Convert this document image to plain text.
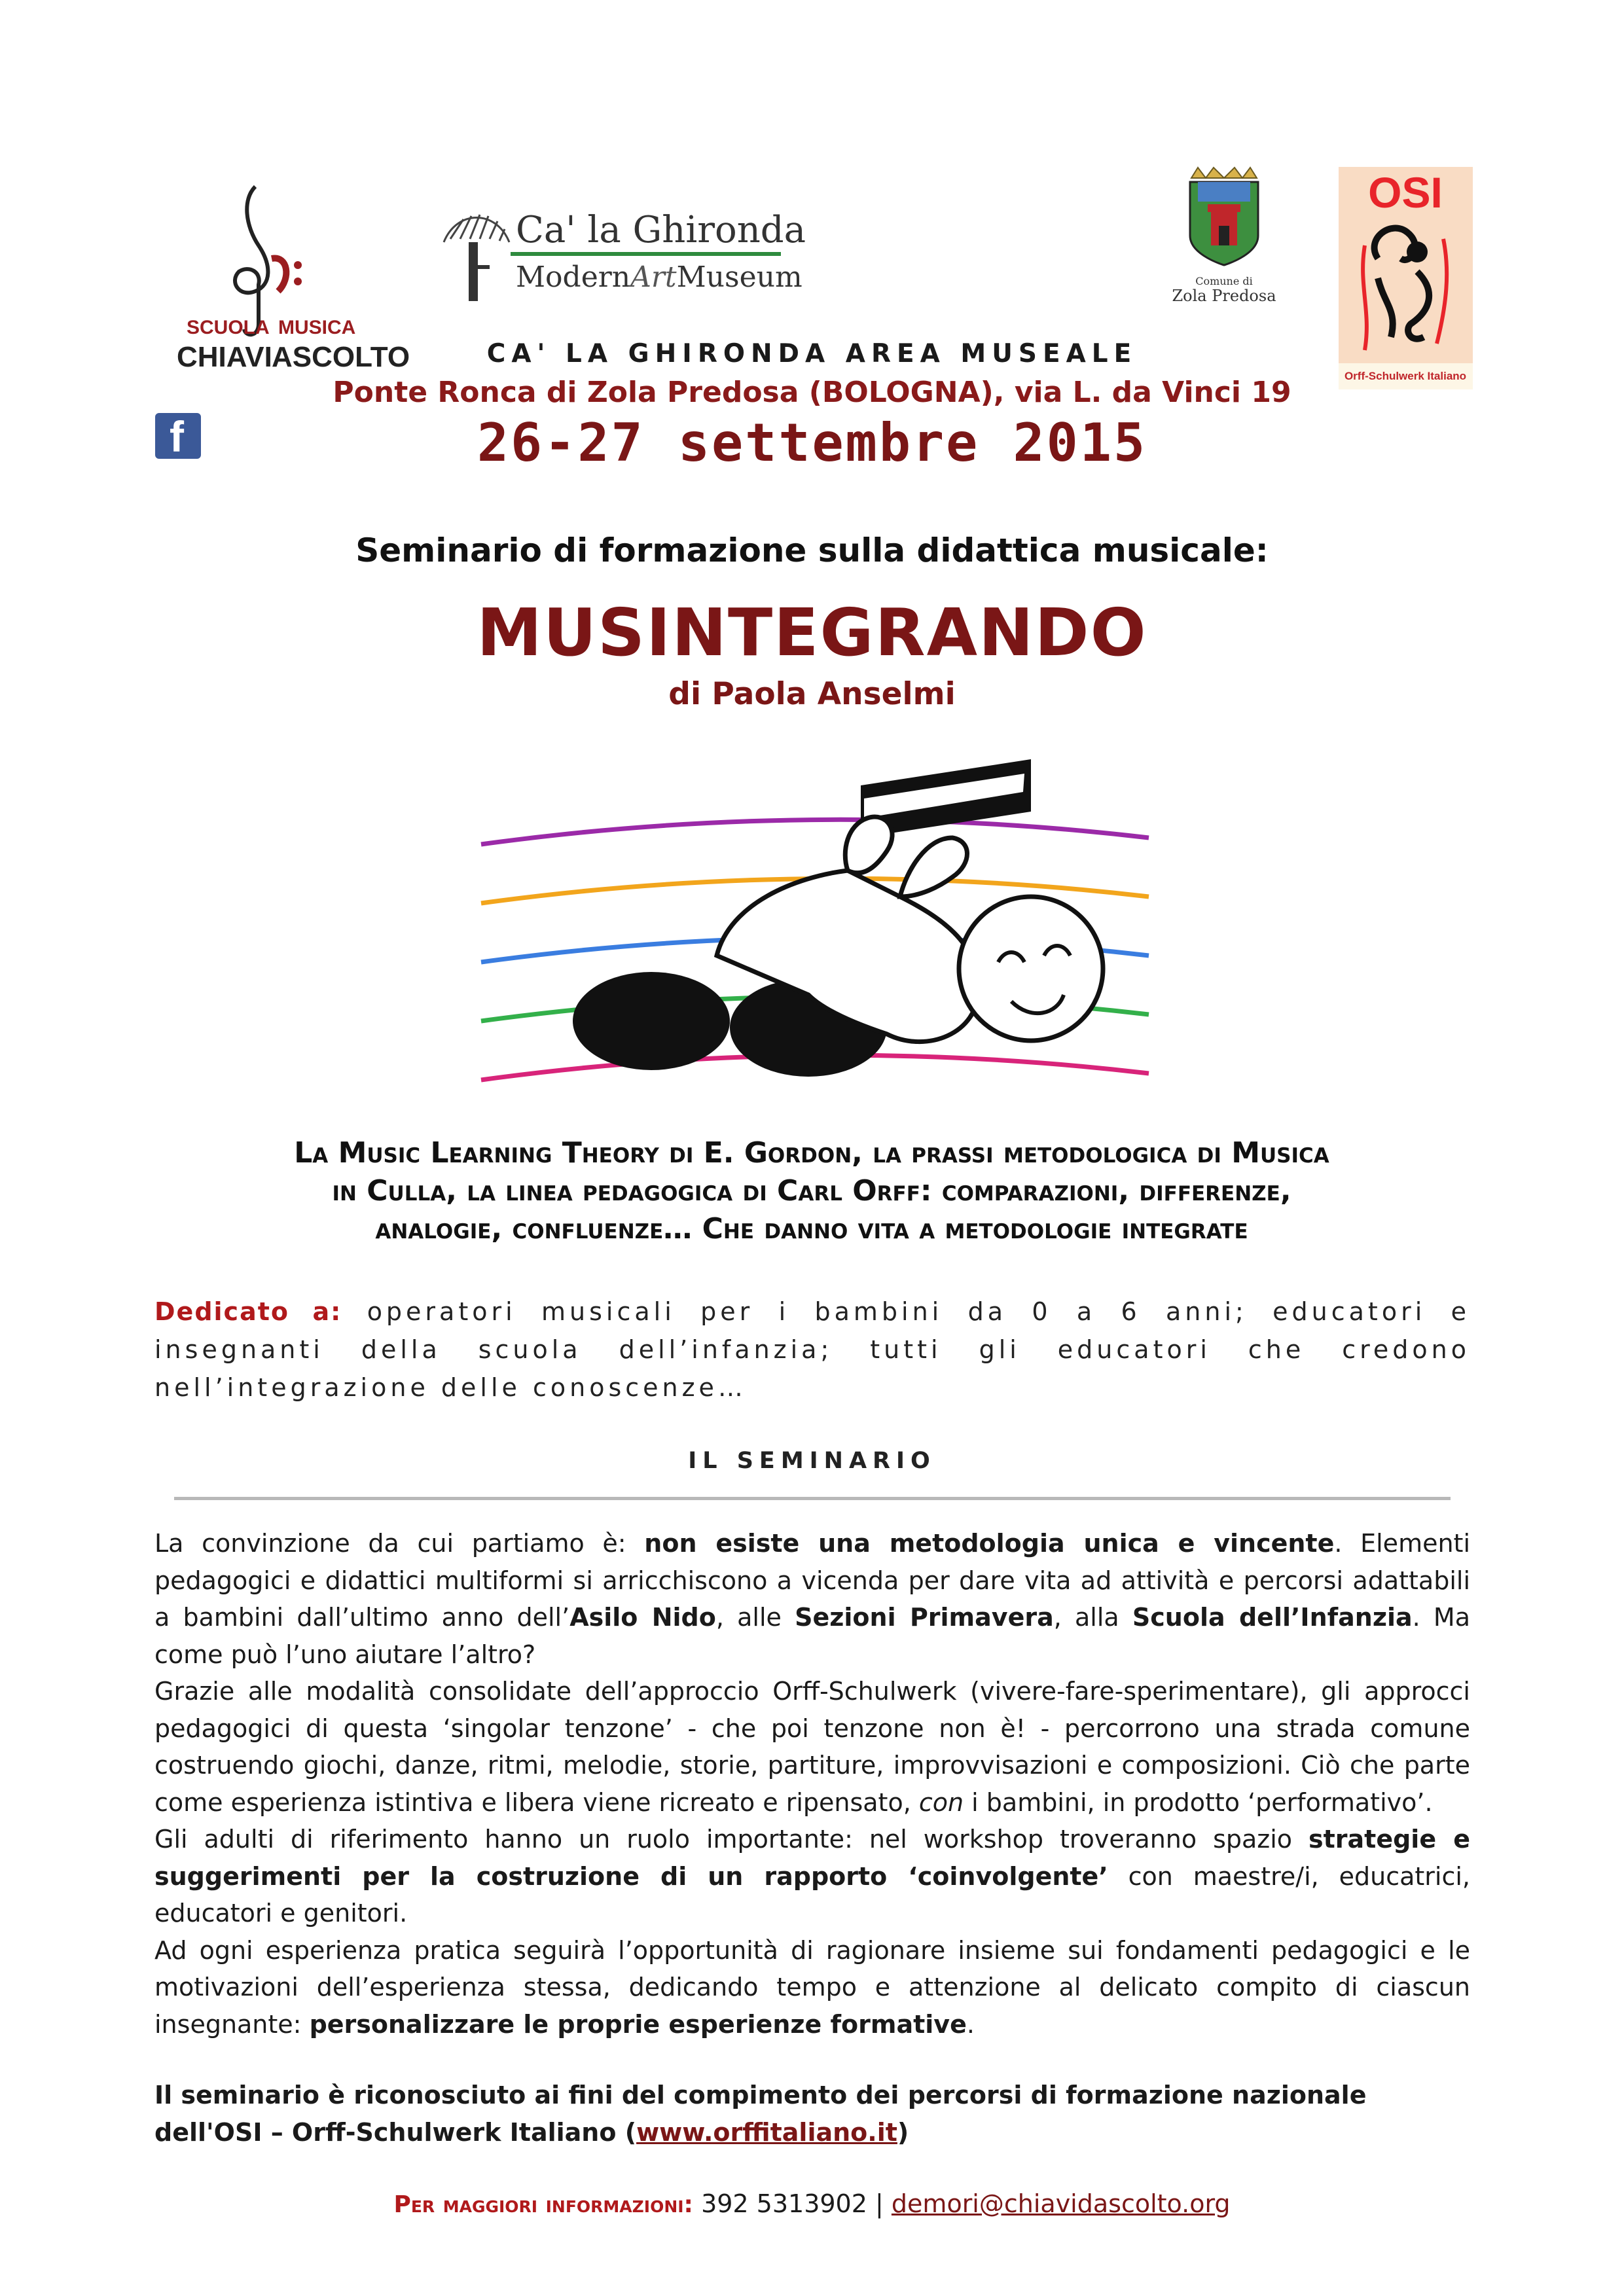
SCUOLA MUSICA
CHIAVI ASCOLTO
Ca' la Ghironda
ModernArtMuseum	Comune di
Zola Predosa
OSI
Orff-Schulwerk Italiano
f
CA' LA GHIRONDA AREA MUSEALE
Ponte Ronca di Zola Predosa (BOLOGNA), via L. da Vinci 19
26-27 settembre 2015
Seminario di formazione sulla didattica musicale:
MUSINTEGRANDO
di Paola Anselmi
La Music Learning Theory di E. Gordon, la prassi metodologica di Musica
in Culla, la linea pedagogica di Carl Orff: comparazioni, differenze,
analogie, confluenze… Che danno vita a metodologie integrate
Dedicato a: operatori musicali per i bambini da 0 a 6 anni; educatori e insegnanti della scuola dell’infanzia; tutti gli educatori che credono nell’integrazione delle conoscenze…
IL SEMINARIO

La convinzione da cui partiamo è: non esiste una metodologia unica e vincente. Elementi pedagogici e didattici multiformi si arricchiscono a vicenda per dare vita ad attività e percorsi adattabili a bambini dall’ultimo anno dell’Asilo Nido, alle Sezioni Primavera, alla Scuola dell’Infanzia. Ma come può l’uno aiutare l’altro?

Grazie alle modalità consolidate dell’approccio Orff-Schulwerk (vivere-fare-sperimentare), gli approcci pedagogici di questa ‘singolar tenzone’ - che poi tenzone non è! - percorrono una strada comune costruendo giochi, danze, ritmi, melodie, storie, partiture, improvvisazioni e composizioni. Ciò che parte come esperienza istintiva e libera viene ricreato e ripensato, con i bambini, in prodotto ‘performativo’.

Gli adulti di riferimento hanno un ruolo importante: nel workshop troveranno spazio strategie e suggerimenti per la costruzione di un rapporto ‘coinvolgente’ con maestre/i, educatrici, educatori e genitori.

Ad ogni esperienza pratica seguirà l’opportunità di ragionare insieme sui fondamenti pedagogici e le motivazioni dell’esperienza stessa, dedicando tempo e attenzione al delicato compito di ciascun insegnante: personalizzare le proprie esperienze formative.

Il seminario è riconosciuto ai fini del compimento dei percorsi di formazione nazionale dell'OSI – Orff-Schulwerk Italiano (www.orffitaliano.it)
Per maggiori informazioni: 392 5313902 | demori@chiavidascolto.org
